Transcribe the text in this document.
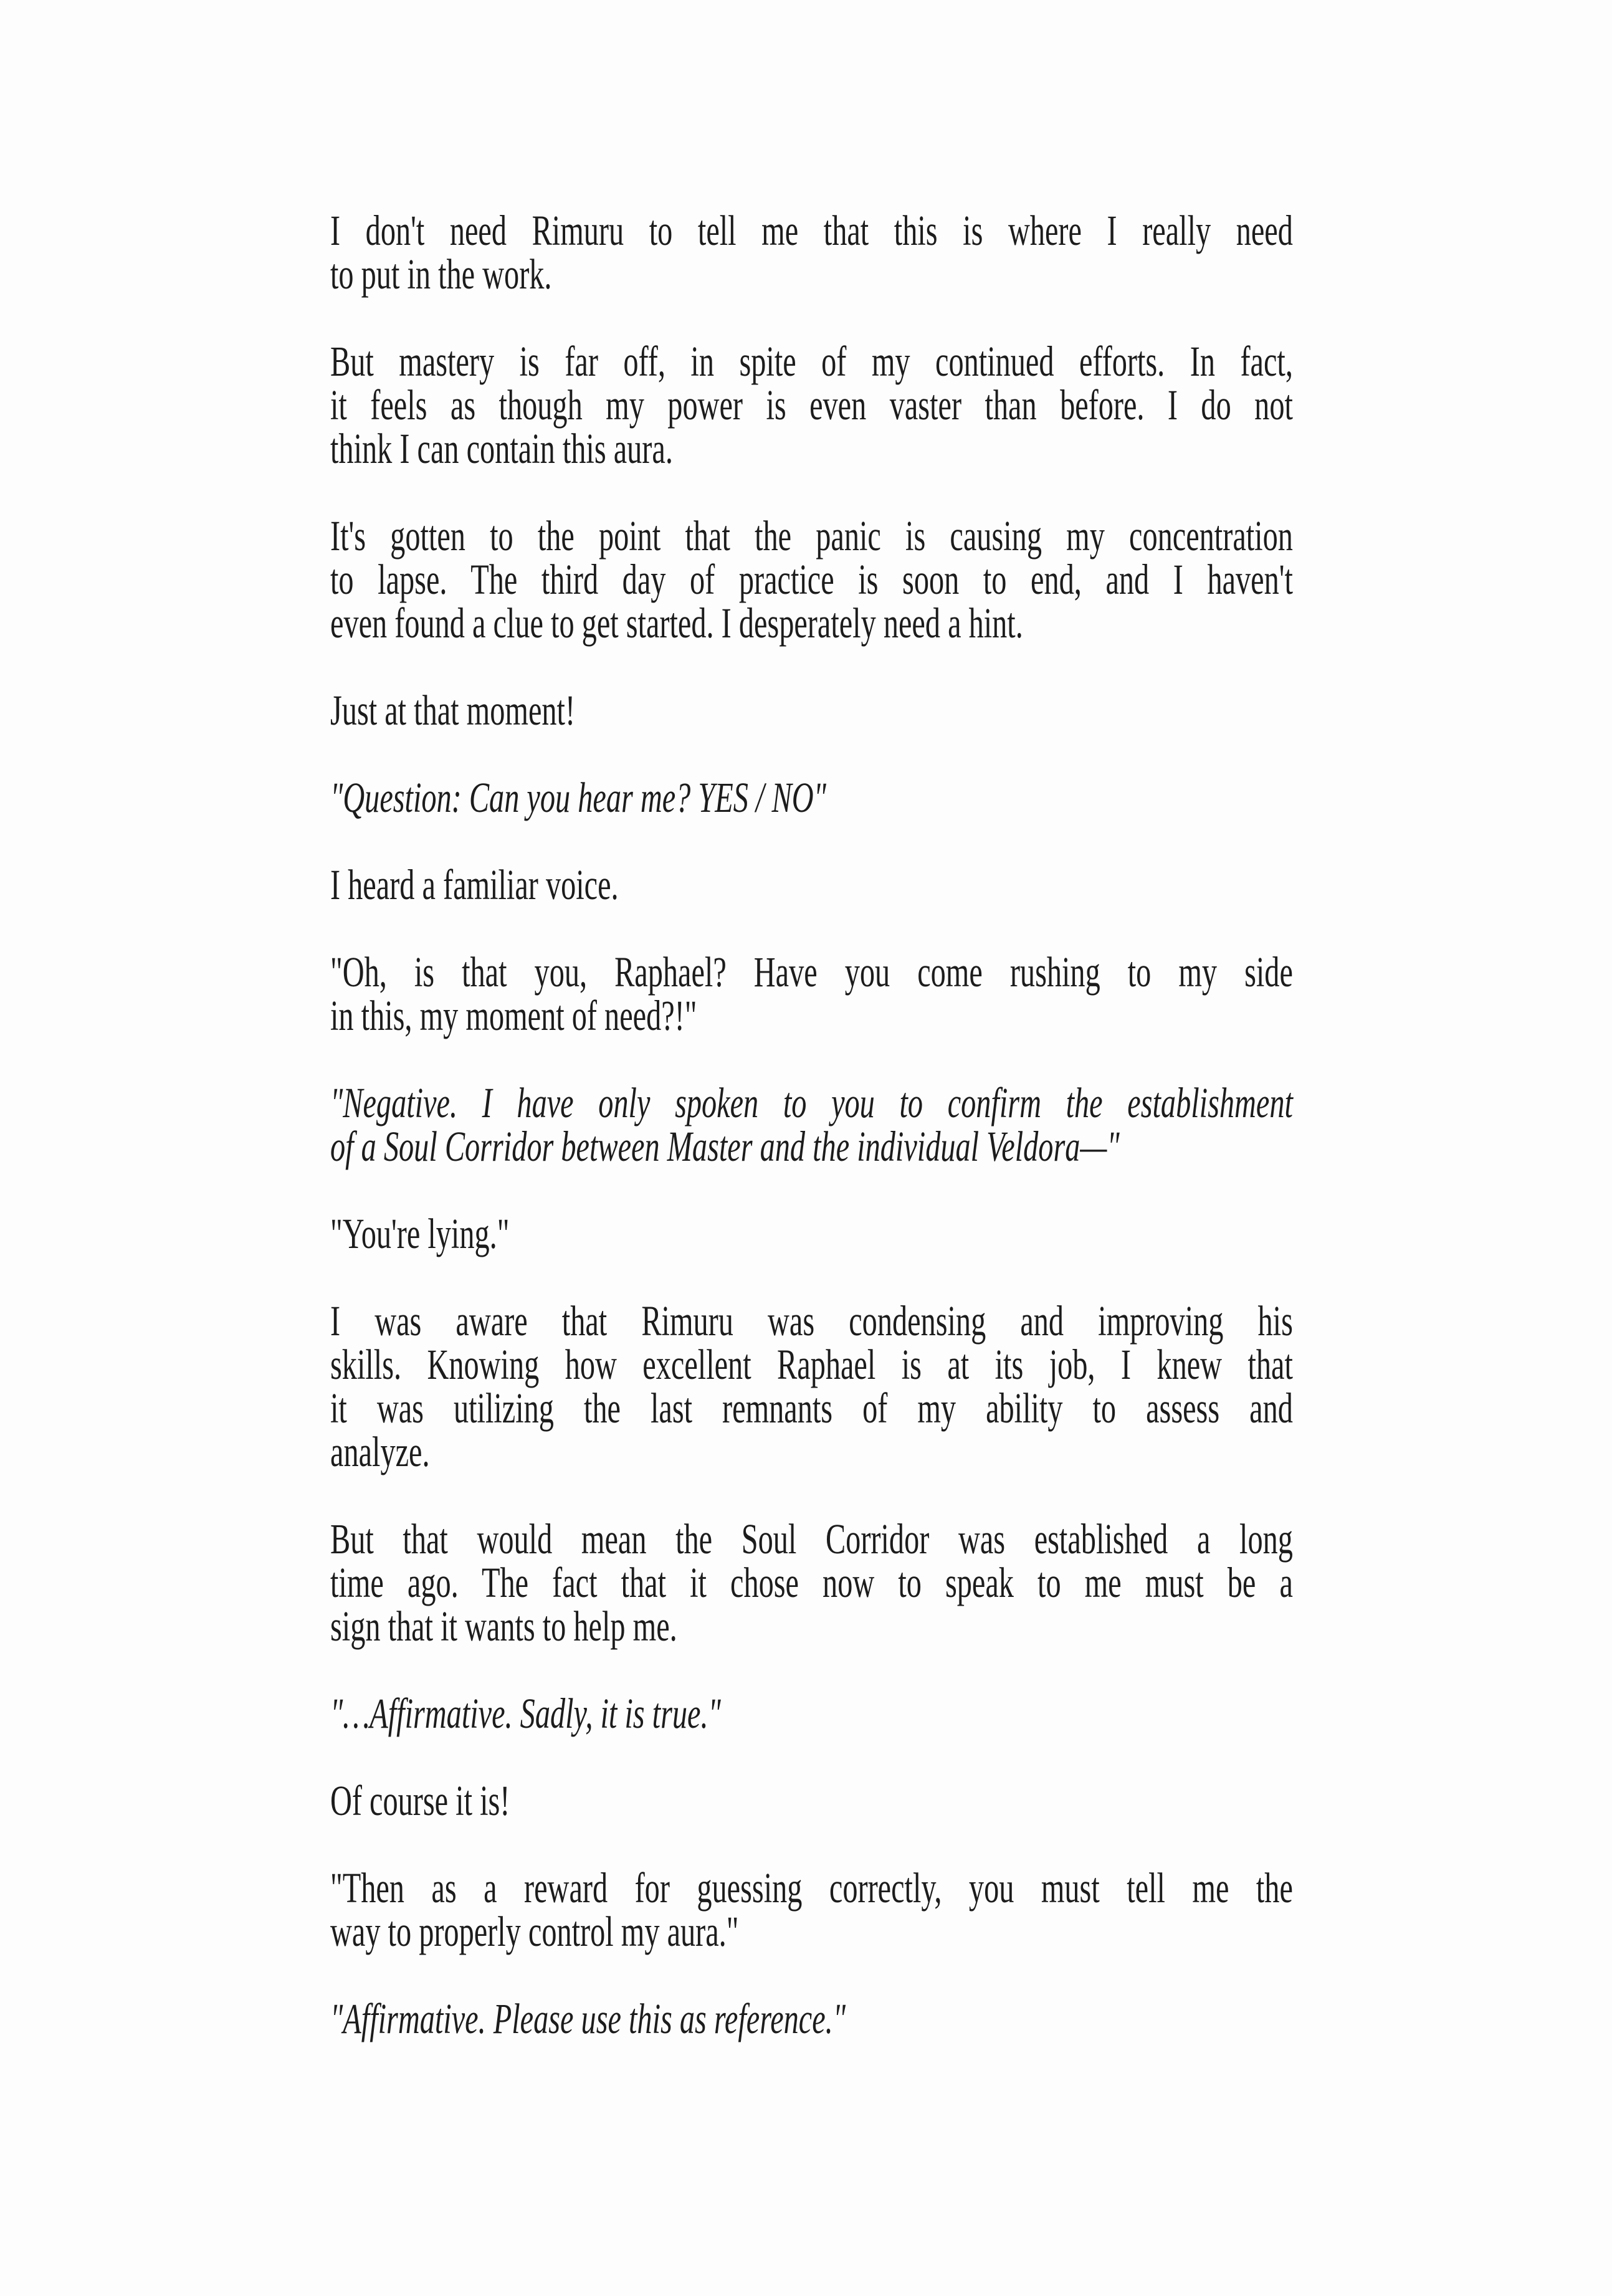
I don't need Rimuru to tell me that this is where I really need
to put in the work.

But mastery is far off, in spite of my continued efforts. In fact,
it feels as though my power is even vaster than before. I do not
think I can contain this aura.

It's gotten to the point that the panic is causing my concentration
to lapse. The third day of practice is soon to end, and I haven't
even found a clue to get started. I desperately need a hint.

Just at that moment!

"Question: Can you hear me? YES / NO"

I heard a familiar voice.

"Oh, is that you, Raphael? Have you come rushing to my side
in this, my moment of need?!"

"Negative. I have only spoken to you to confirm the establishment
of a Soul Corridor between Master and the individual Veldora—"

"You're lying."

I was aware that Rimuru was condensing and improving his
skills. Knowing how excellent Raphael is at its job, I knew that
it was utilizing the last remnants of my ability to assess and
analyze.

But that would mean the Soul Corridor was established a long
time ago. The fact that it chose now to speak to me must be a
sign that it wants to help me.

"…Affirmative. Sadly, it is true."

Of course it is!

"Then as a reward for guessing correctly, you must tell me the
way to properly control my aura."

"Affirmative. Please use this as reference."
